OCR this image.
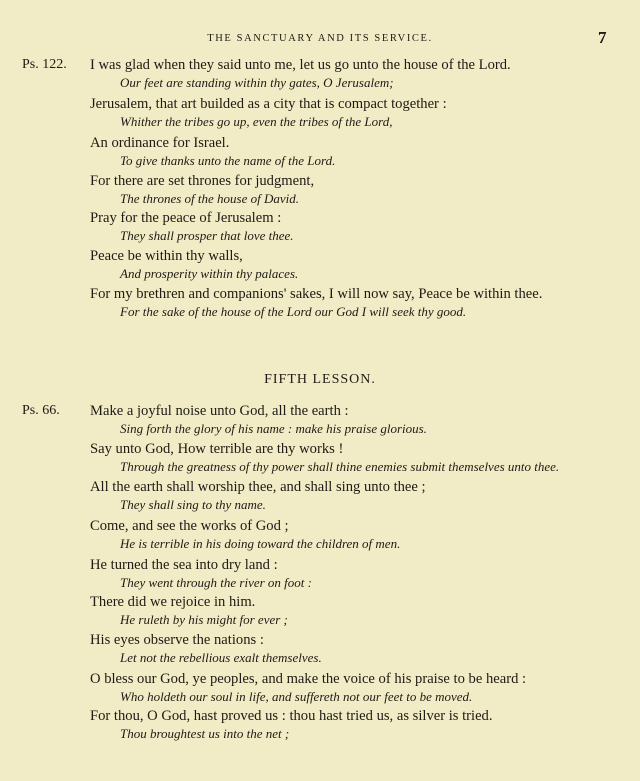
THE SANCTUARY AND ITS SERVICE.	7
Ps. 122. I was glad when they said unto me, let us go unto the house of the Lord.
Our feet are standing within thy gates, O Jerusalem;
Jerusalem, that art builded as a city that is compact together :
Whither the tribes go up, even the tribes of the Lord,
An ordinance for Israel.
To give thanks unto the name of the Lord.
For there are set thrones for judgment,
The thrones of the house of David.
Pray for the peace of Jerusalem :
They shall prosper that love thee.
Peace be within thy walls,
And prosperity within thy palaces.
For my brethren and companions' sakes, I will now say, Peace be within thee.
For the sake of the house of the Lord our God I will seek thy good.
FIFTH LESSON.
Ps. 66. Make a joyful noise unto God, all the earth :
Sing forth the glory of his name : make his praise glorious.
Say unto God, How terrible are thy works !
Through the greatness of thy power shall thine enemies submit themselves unto thee.
All the earth shall worship thee, and shall sing unto thee ;
They shall sing to thy name.
Come, and see the works of God ;
He is terrible in his doing toward the children of men.
He turned the sea into dry land :
They went through the river on foot :
There did we rejoice in him.
He ruleth by his might for ever ;
His eyes observe the nations :
Let not the rebellious exalt themselves.
O bless our God, ye peoples, and make the voice of his praise to be heard :
Who holdeth our soul in life, and suffereth not our feet to be moved.
For thou, O God, hast proved us : thou hast tried us, as silver is tried.
Thou broughtest us into the net ;
